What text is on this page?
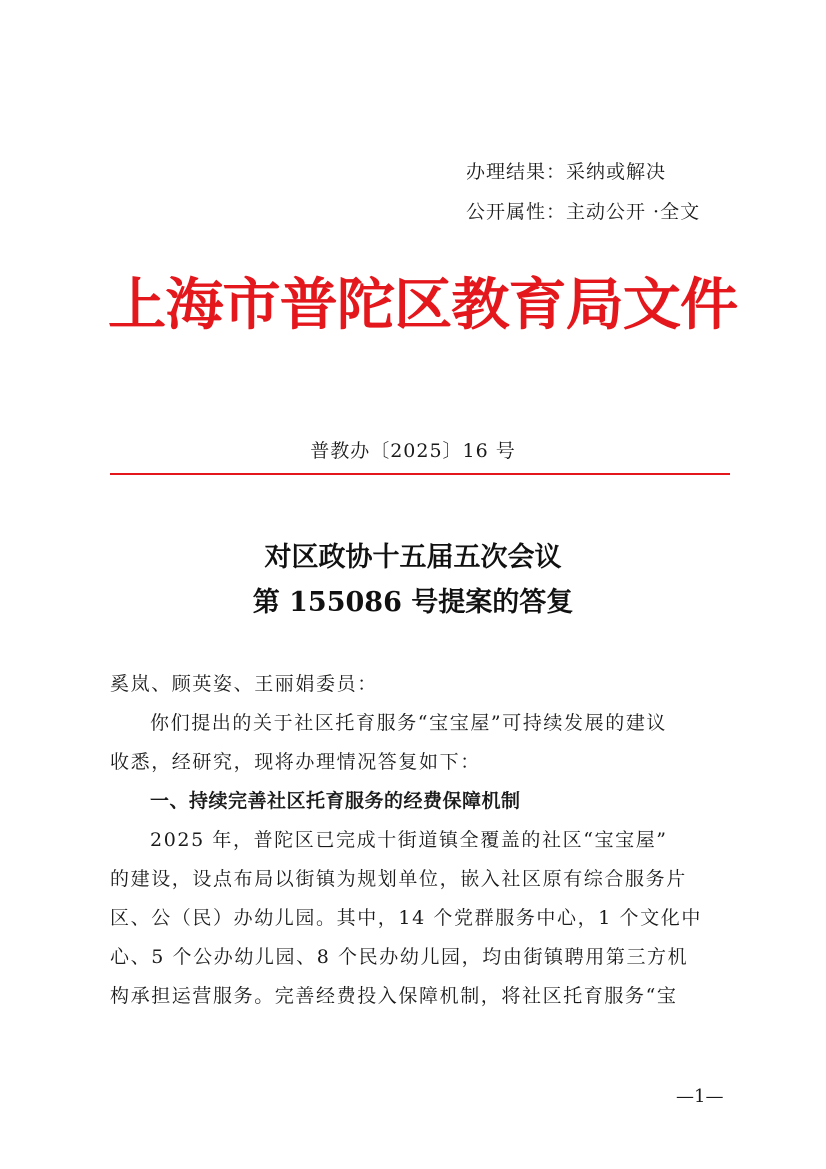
办理结果：采纳或解决
公开属性：主动公开 ·全文
上海市普陀区教育局文件
普教办〔2025〕16 号
对区政协十五届五次会议
第 155086 号提案的答复
奚岚、顾英姿、王丽娟委员：
你们提出的关于社区托育服务“宝宝屋”可持续发展的建议
收悉，经研究，现将办理情况答复如下：
一、持续完善社区托育服务的经费保障机制
2025 年，普陀区已完成十街道镇全覆盖的社区“宝宝屋”
的建设，设点布局以街镇为规划单位，嵌入社区原有综合服务片
区、公（民）办幼儿园。其中，14 个党群服务中心，1 个文化中
心、5 个公办幼儿园、8 个民办幼儿园，均由街镇聘用第三方机
构承担运营服务。完善经费投入保障机制，将社区托育服务“宝
—1—
